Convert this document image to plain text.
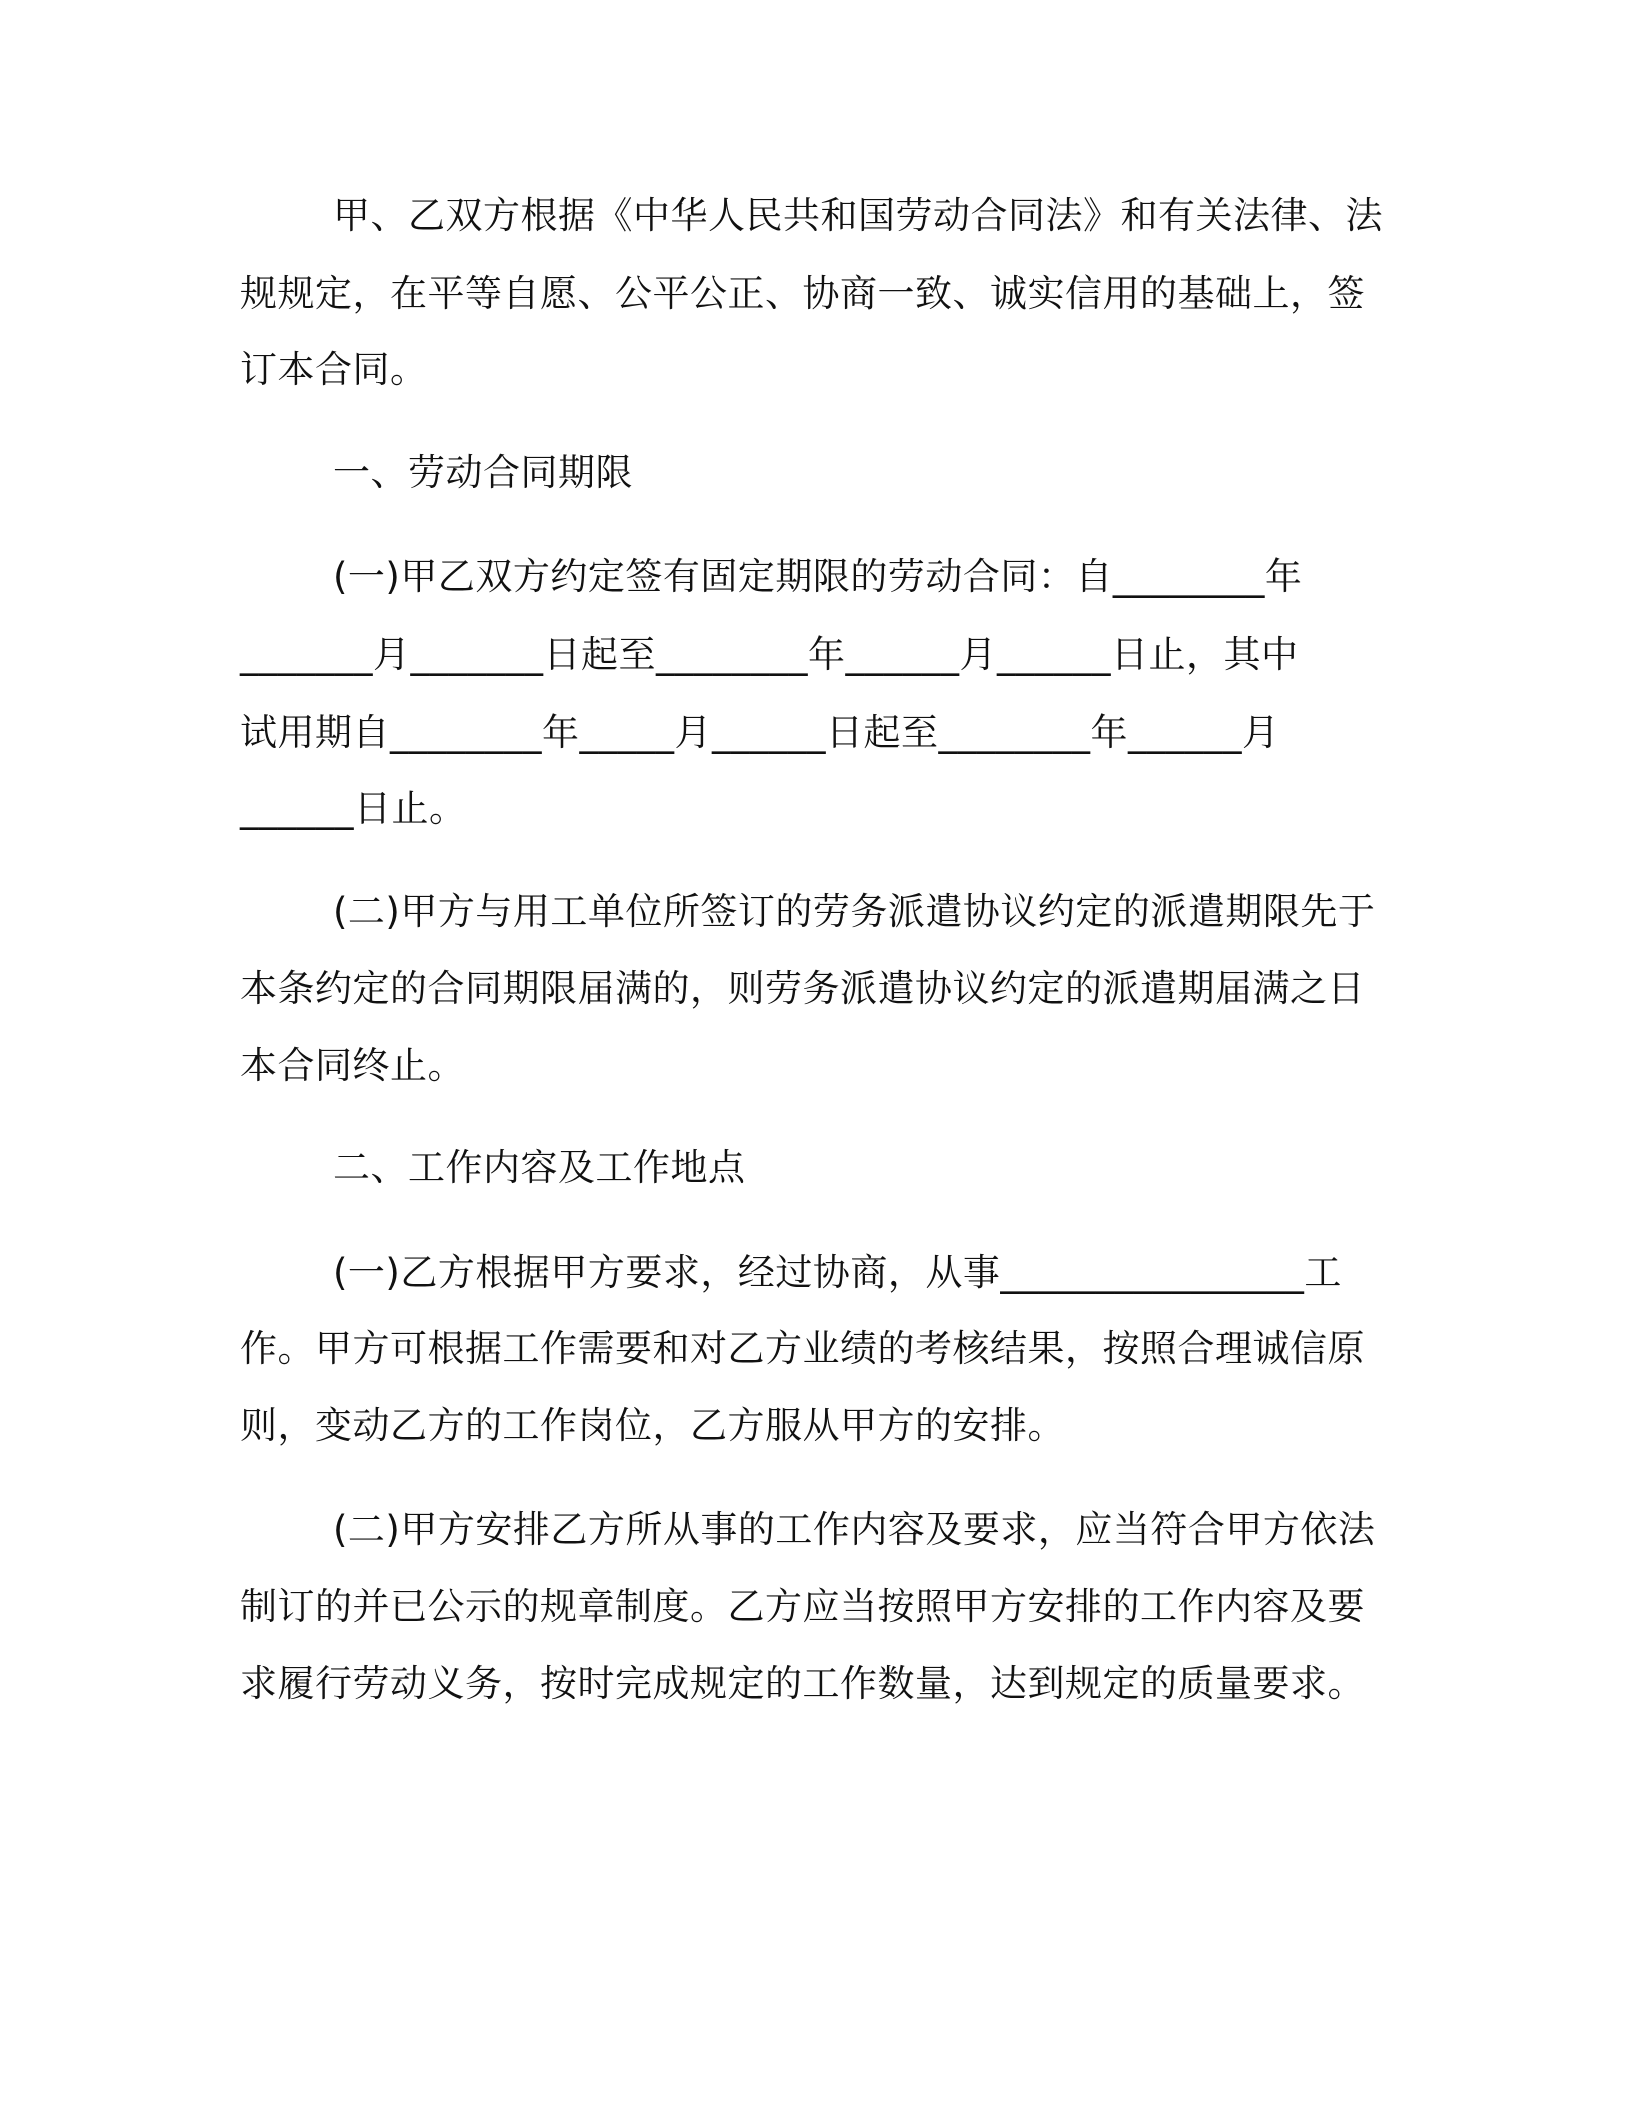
甲、乙双方根据《中华人民共和国劳动合同法》和有关法律、法
规规定，在平等自愿、公平公正、协商一致、诚实信用的基础上，签
订本合同。
一、劳动合同期限
(一)甲乙双方约定签有固定期限的劳动合同：自________年
_______月_______日起至________年______月______日止，其中
试用期自________年_____月______日起至________年______月
______日止。
(二)甲方与用工单位所签订的劳务派遣协议约定的派遣期限先于
本条约定的合同期限届满的，则劳务派遣协议约定的派遣期届满之日
本合同终止。
二、工作内容及工作地点
(一)乙方根据甲方要求，经过协商，从事________________工
作。甲方可根据工作需要和对乙方业绩的考核结果，按照合理诚信原
则，变动乙方的工作岗位，乙方服从甲方的安排。
(二)甲方安排乙方所从事的工作内容及要求，应当符合甲方依法
制订的并已公示的规章制度。乙方应当按照甲方安排的工作内容及要
求履行劳动义务，按时完成规定的工作数量，达到规定的质量要求。
